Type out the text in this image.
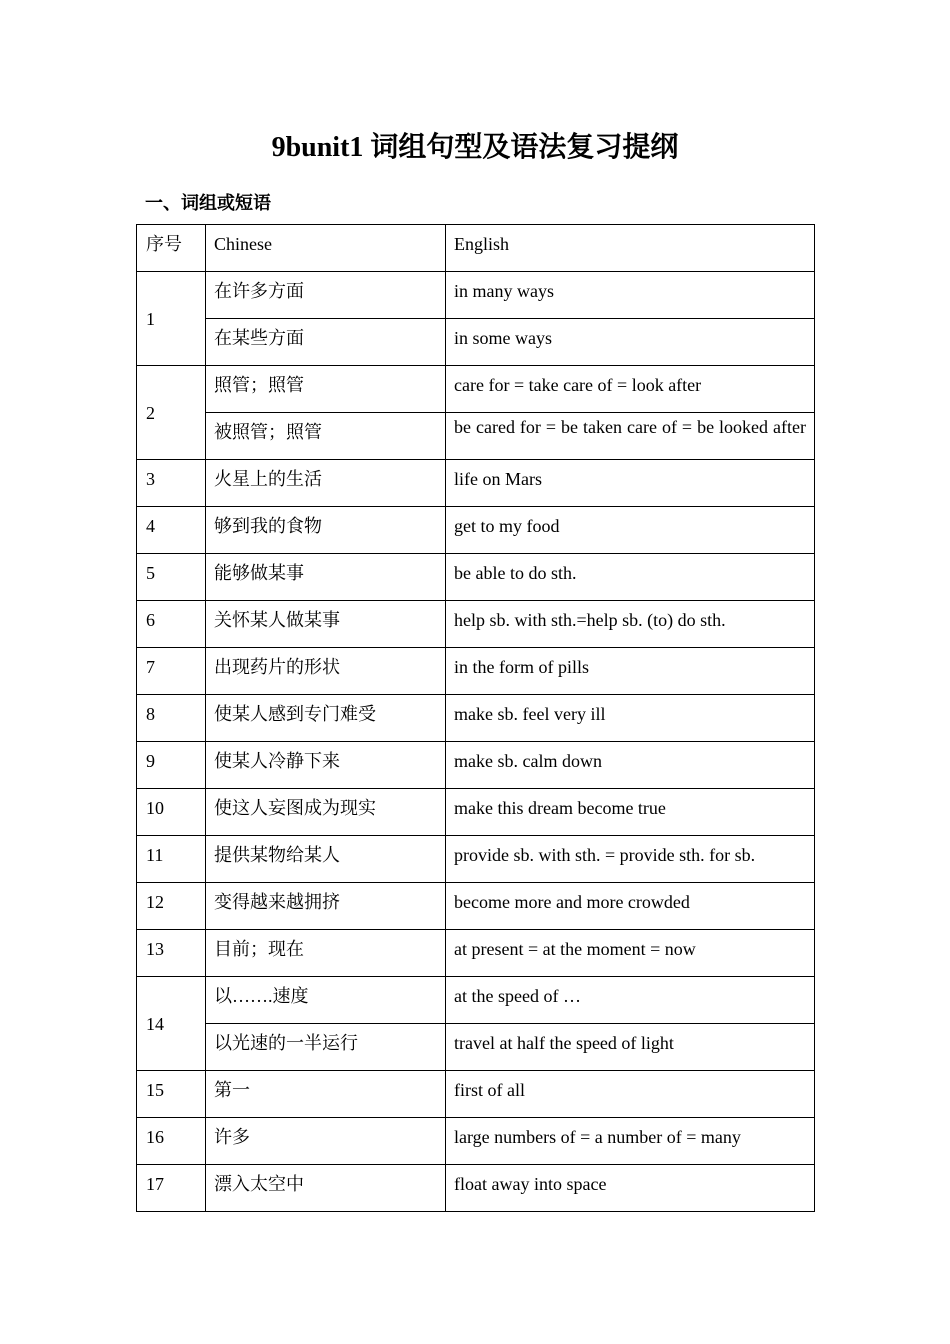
9bunit1 词组句型及语法复习提纲
一、词组或短语
序号	Chinese	English

1	在许多方面	in many ways

	在某些方面	in some ways

2	照管；照管	care for = take care of = look after

	被照管；照管	be cared for = be taken care of = be looked after

3	火星上的生活	life on Mars

4	够到我的食物	get to my food

5	能够做某事	be able to do sth.

6	关怀某人做某事	help sb. with sth.=help sb. (to) do sth.

7	出现药片的形状	in the form of pills

8	使某人感到专门难受	make sb. feel very ill

9	使某人冷静下来	make sb. calm down

10	使这人妄图成为现实	make this dream become true

11	提供某物给某人	provide sb. with sth. = provide sth. for sb.

12	变得越来越拥挤	become more and more crowded

13	目前；现在	at present = at the moment = now

14	以…….速度	at the speed of …

	以光速的一半运行	travel at half the speed of light

15	第一	first of all

16	许多	large numbers of = a number of = many

17	漂入太空中	float away into space
